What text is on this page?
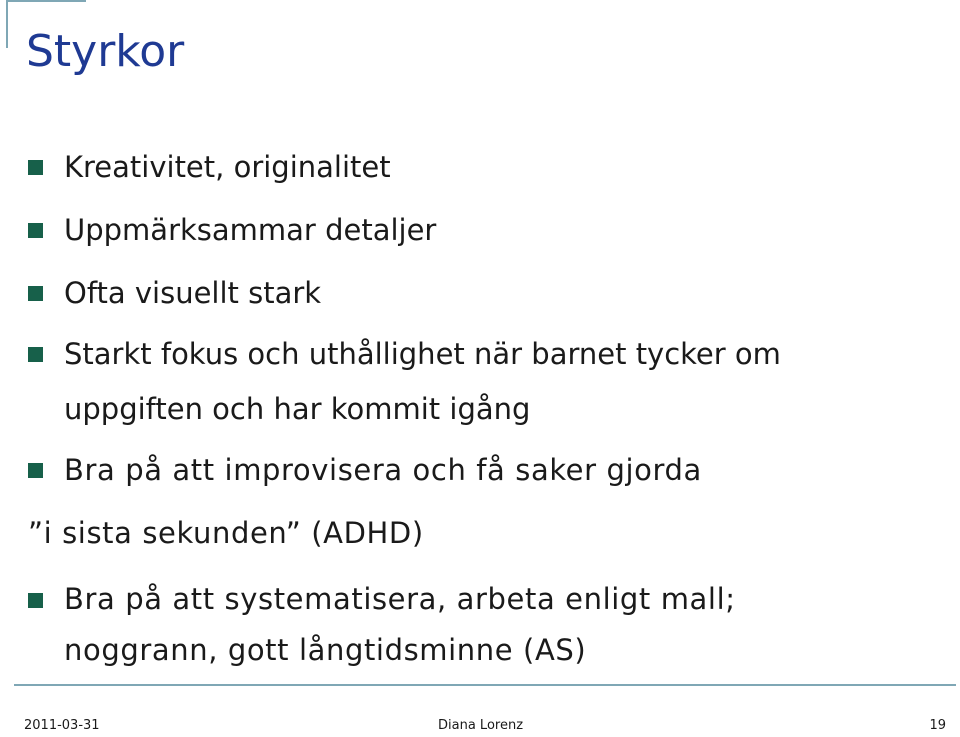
Styrkor
Kreativitet, originalitet
Uppmärksammar detaljer
Ofta visuellt stark
Starkt fokus och uthållighet när barnet tycker om
uppgiften och har kommit igång
Bra på att improvisera och få saker gjorda
”i sista sekunden” (ADHD)
Bra på att systematisera, arbeta enligt mall;
noggrann, gott långtidsminne (AS)
2011-03-31	Diana Lorenz	19
